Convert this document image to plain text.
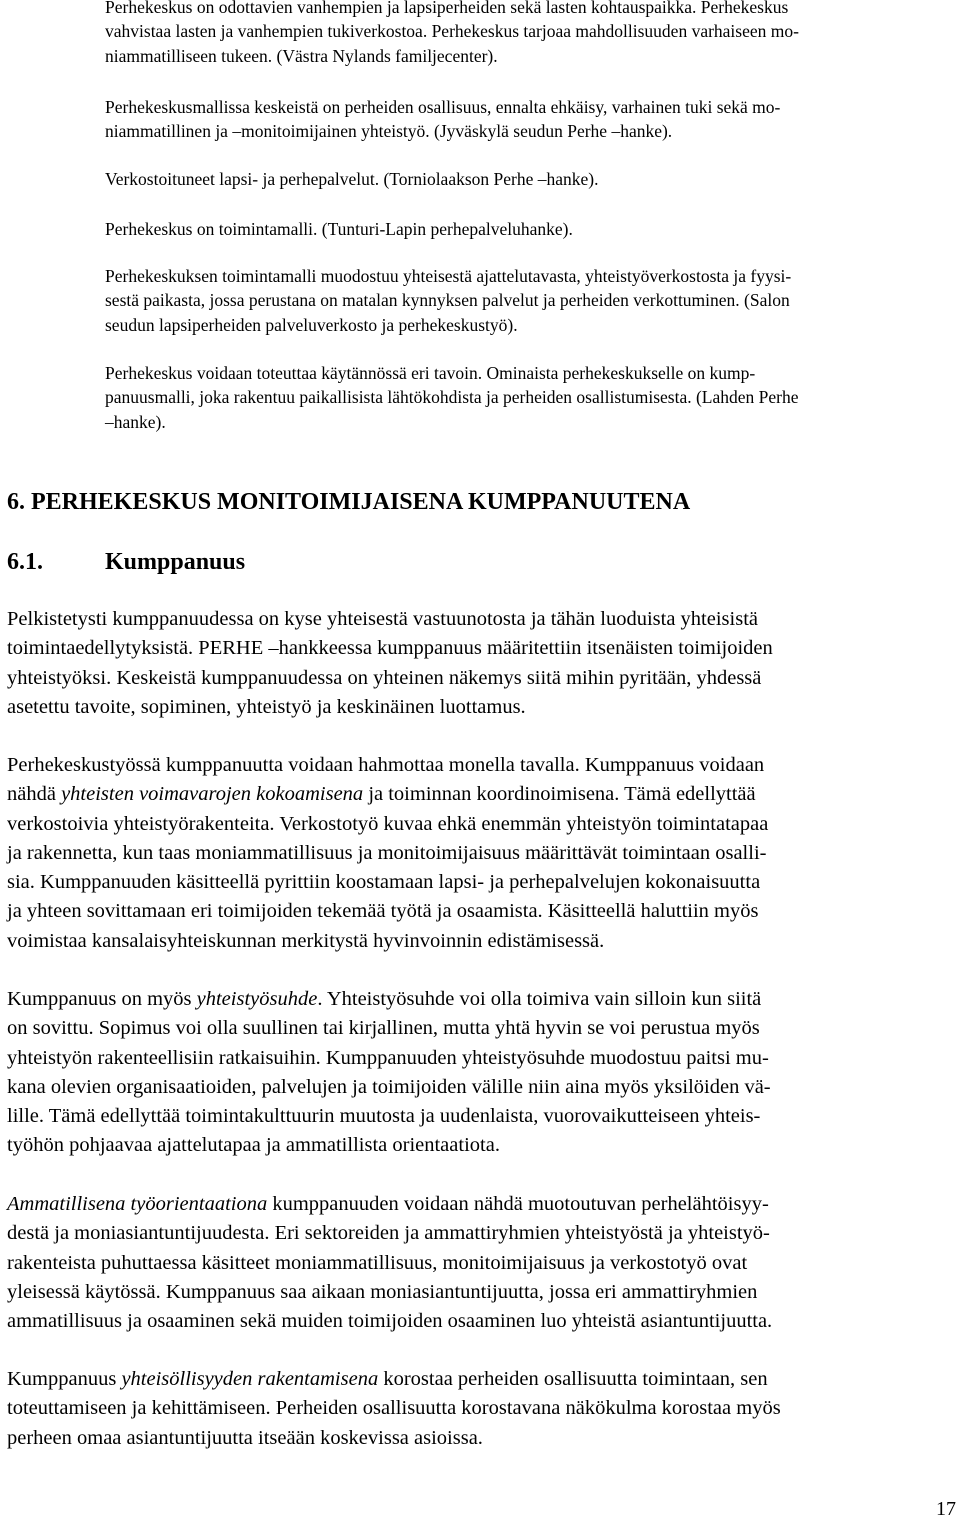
Perhekeskus on odottavien vanhempien ja lapsiperheiden sekä lasten kohtauspaikka. Perhekeskus
vahvistaa lasten ja vanhempien tukiverkostoa. Perhekeskus tarjoaa mahdollisuuden varhaiseen mo-
niammatilliseen tukeen. (Västra Nylands familjecenter).

Perhekeskusmallissa keskeistä on perheiden osallisuus, ennalta ehkäisy, varhainen tuki sekä mo-
niammatillinen ja –monitoimijainen yhteistyö. (Jyväskylä seudun Perhe –hanke).

Verkostoituneet lapsi- ja perhepalvelut. (Torniolaakson Perhe –hanke).

Perhekeskus on toimintamalli. (Tunturi-Lapin perhepalveluhanke).

Perhekeskuksen toimintamalli muodostuu yhteisestä ajattelutavasta, yhteistyöverkostosta ja fyysi-
sestä paikasta, jossa perustana on matalan kynnyksen palvelut ja perheiden verkottuminen. (Salon
seudun lapsiperheiden palveluverkosto ja perhekeskustyö).

Perhekeskus voidaan toteuttaa käytännössä eri tavoin. Ominaista perhekeskukselle on kump-
panuusmalli, joka rakentuu paikallisista lähtökohdista ja perheiden osallistumisesta. (Lahden Perhe
–hanke).

6. PERHEKESKUS MONITOIMIJAISENA KUMPPANUUTENA
6.1.	Kumppanuus

Pelkistetysti kumppanuudessa on kyse yhteisestä vastuunotosta ja tähän luoduista yhteisistä
toimintaedellytyksistä. PERHE –hankkeessa kumppanuus määritettiin itsenäisten toimijoiden
yhteistyöksi. Keskeistä kumppanuudessa on yhteinen näkemys siitä mihin pyritään, yhdessä
asetettu tavoite, sopiminen, yhteistyö ja keskinäinen luottamus.

Perhekeskustyössä kumppanuutta voidaan hahmottaa monella tavalla. Kumppanuus voidaan
nähdä yhteisten voimavarojen kokoamisena ja toiminnan koordinoimisena. Tämä edellyttää
verkostoivia yhteistyörakenteita. Verkostotyö kuvaa ehkä enemmän yhteistyön toimintatapaa
ja rakennetta, kun taas moniammatillisuus ja monitoimijaisuus määrittävät toimintaan osalli-
sia. Kumppanuuden käsitteellä pyrittiin koostamaan lapsi- ja perhepalvelujen kokonaisuutta
ja yhteen sovittamaan eri toimijoiden tekemää työtä ja osaamista. Käsitteellä haluttiin myös
voimistaa kansalaisyhteiskunnan merkitystä hyvinvoinnin edistämisessä.

Kumppanuus on myös yhteistyösuhde. Yhteistyösuhde voi olla toimiva vain silloin kun siitä
on sovittu. Sopimus voi olla suullinen tai kirjallinen, mutta yhtä hyvin se voi perustua myös
yhteistyön rakenteellisiin ratkaisuihin. Kumppanuuden yhteistyösuhde muodostuu paitsi mu-
kana olevien organisaatioiden, palvelujen ja toimijoiden välille niin aina myös yksilöiden vä-
lille. Tämä edellyttää toimintakulttuurin muutosta ja uudenlaista, vuorovaikutteiseen yhteis-
työhön pohjaavaa ajattelutapaa ja ammatillista orientaatiota.

Ammatillisena työorientaationa kumppanuuden voidaan nähdä muotoutuvan perhelähtöisyy-
destä ja moniasiantuntijuudesta. Eri sektoreiden ja ammattiryhmien yhteistyöstä ja yhteistyö-
rakenteista puhuttaessa käsitteet moniammatillisuus, monitoimijaisuus ja verkostotyö ovat
yleisessä käytössä. Kumppanuus saa aikaan moniasiantuntijuutta, jossa eri ammattiryhmien
ammatillisuus ja osaaminen sekä muiden toimijoiden osaaminen luo yhteistä asiantuntijuutta.

Kumppanuus yhteisöllisyyden rakentamisena korostaa perheiden osallisuutta toimintaan, sen
toteuttamiseen ja kehittämiseen. Perheiden osallisuutta korostavana näkökulma korostaa myös
perheen omaa asiantuntijuutta itseään koskevissa asioissa.

17
